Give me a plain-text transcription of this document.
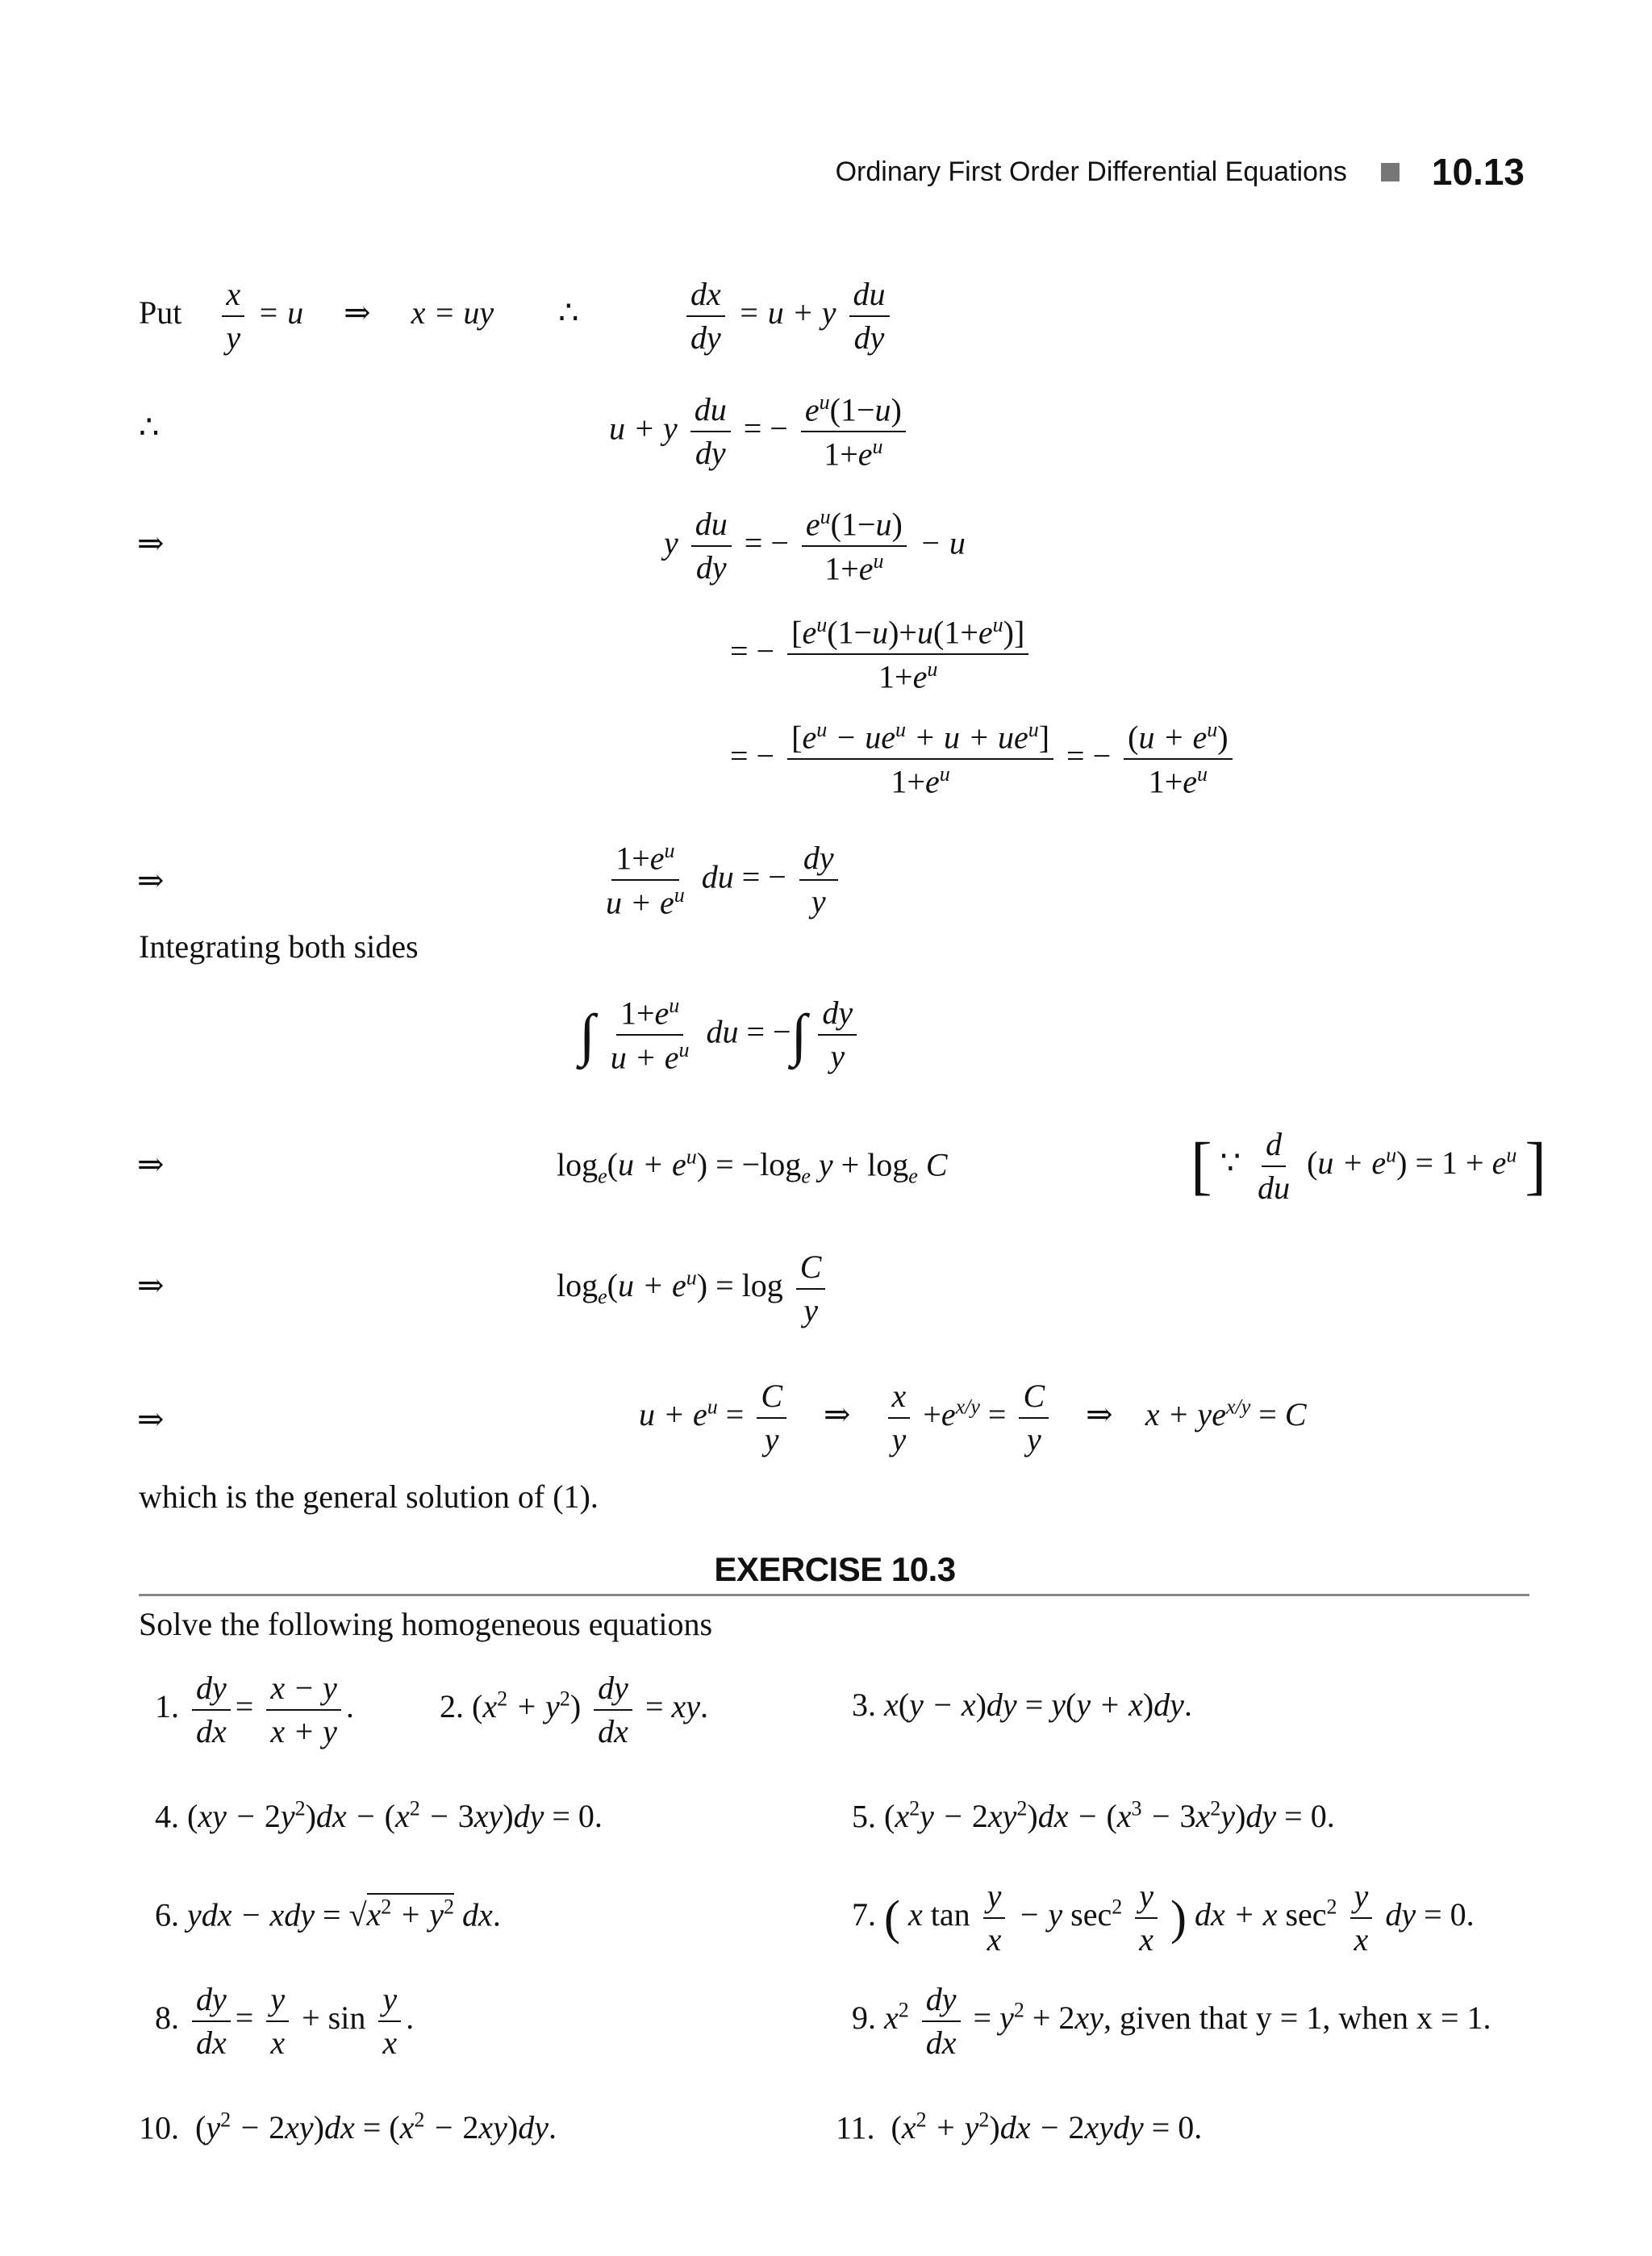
Ordinary First Order Differential Equations 10.13
Put $\frac{x}{y} = u$ ⇒ x = uy ∴	$\frac{dx}{dy} = u + y \frac{du}{dy}$
∴	u + y $\frac{du}{dy}$ = − $\frac{e^u(1-u)}{1+e^u}$
⇒	y $\frac{du}{dy}$ = − $\frac{e^u(1-u)}{1+e^u} - u$
= − $\frac{[e^u(1-u)+u(1+e^u)]}{1+e^u}$
= −
$[e^u - ue^u + u + ue^u]$
$1+e^u$
= − $\frac{(u + e^u)}{1+e^u}$
⇒	$\frac{1+e^u}{u + e^u}$ du = − $\frac{dy}{y}$
Integrating both sides
∫ $\frac{1+e^u}{u + e^u}$ du = −∫ $\frac{dy}{y}$
⇒	$\log_e(u + e^u) = -\log_e$ $y + \log_e C$	[ ∵ $\frac{d}{du} (u + e^u) = 1 + e^u$ ]
⇒	$\log_e(u + e^u) = \log \frac{C}{y}$
⇒	$u + e^u = \frac{C}{y}$ ⇒ $\frac{x}{y} +e^{x/y} = \frac{C}{y}$ ⇒ $x + ye^{x/y} = C$
which is the general solution of (1).
EXERCISE 10.3
Solve the following homogeneous equations
1. $\frac{dy}{dx} = \frac{x - y}{x + y}$ .	2. $(x^2 + y^2) \frac{dy}{dx}$ = xy.	3. x(y − x)dy = y(y + x)dy.
4. $(xy - 2y^2)dx - (x^2 - 3xy)dy = 0$.	5. $(x^2y - 2xy^2)dx - (x^3 - 3x^2y)dy = 0$.
6. ydx − xdy = $√x^2 + y^2$ dx.	7. ( x $\tan \frac{y}{x} - y$ $\sec^2 \frac{y}{x}$ ) dx + x $\sec^2 \frac{y}{x}$ dy = 0.
8. $\frac{dy}{dx} = \frac{y}{x} + \sin \frac{y}{x}$ .	9. $x^2 \frac{dy}{dx} = y^2 + 2xy$, given that y = 1, when x = 1.
10. $(y^2 - 2xy)dx = (x^2 - 2xy)dy$.	11. $(x^2 + y^2)dx$ − 2xydy = 0.
